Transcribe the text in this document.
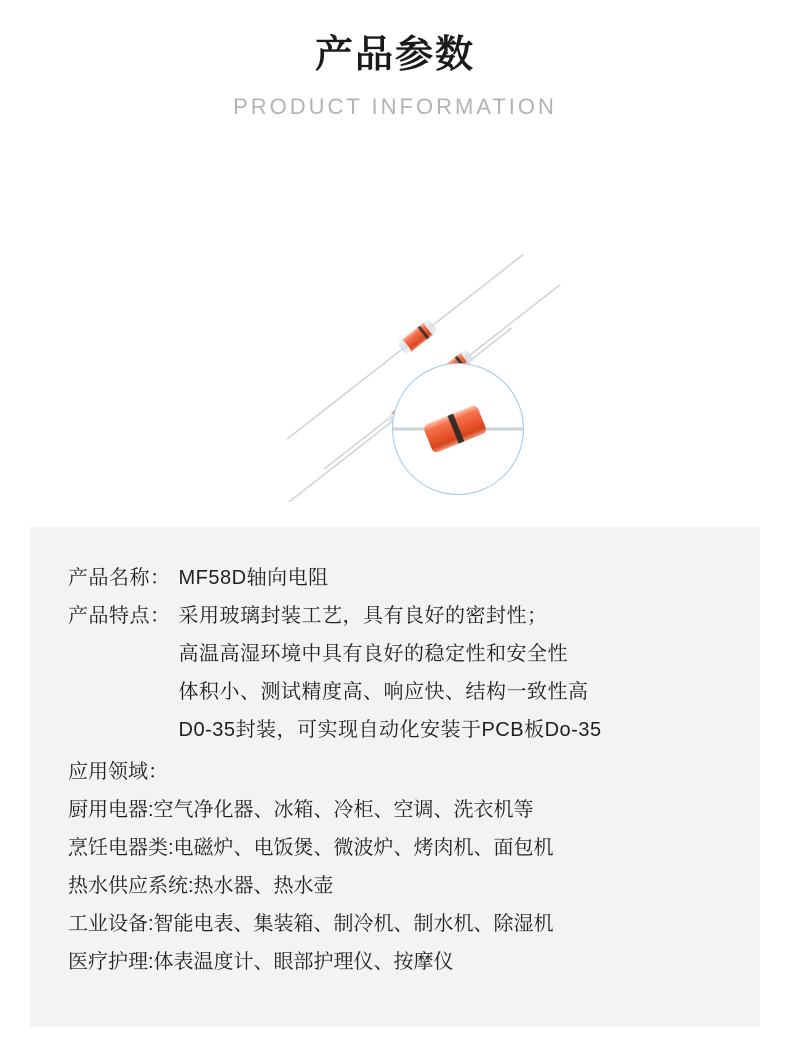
产品参数
PRODUCT INFORMATION
产品名称： MF58D轴向电阻
产品特点： 采用玻璃封装工艺，具有良好的密封性；
高温高湿环境中具有良好的稳定性和安全性
体积小、测试精度高、响应快、结构一致性高
D0-35封装，可实现自动化安装于PCB板Do-35
应用领域：
厨用电器:空气净化器、冰箱、冷柜、空调、洗衣机等
烹饪电器类:电磁炉、电饭煲、微波炉、烤肉机、面包机
热水供应系统:热水器、热水壶
工业设备:智能电表、集装箱、制冷机、制水机、除湿机
医疗护理:体表温度计、眼部护理仪、按摩仪
